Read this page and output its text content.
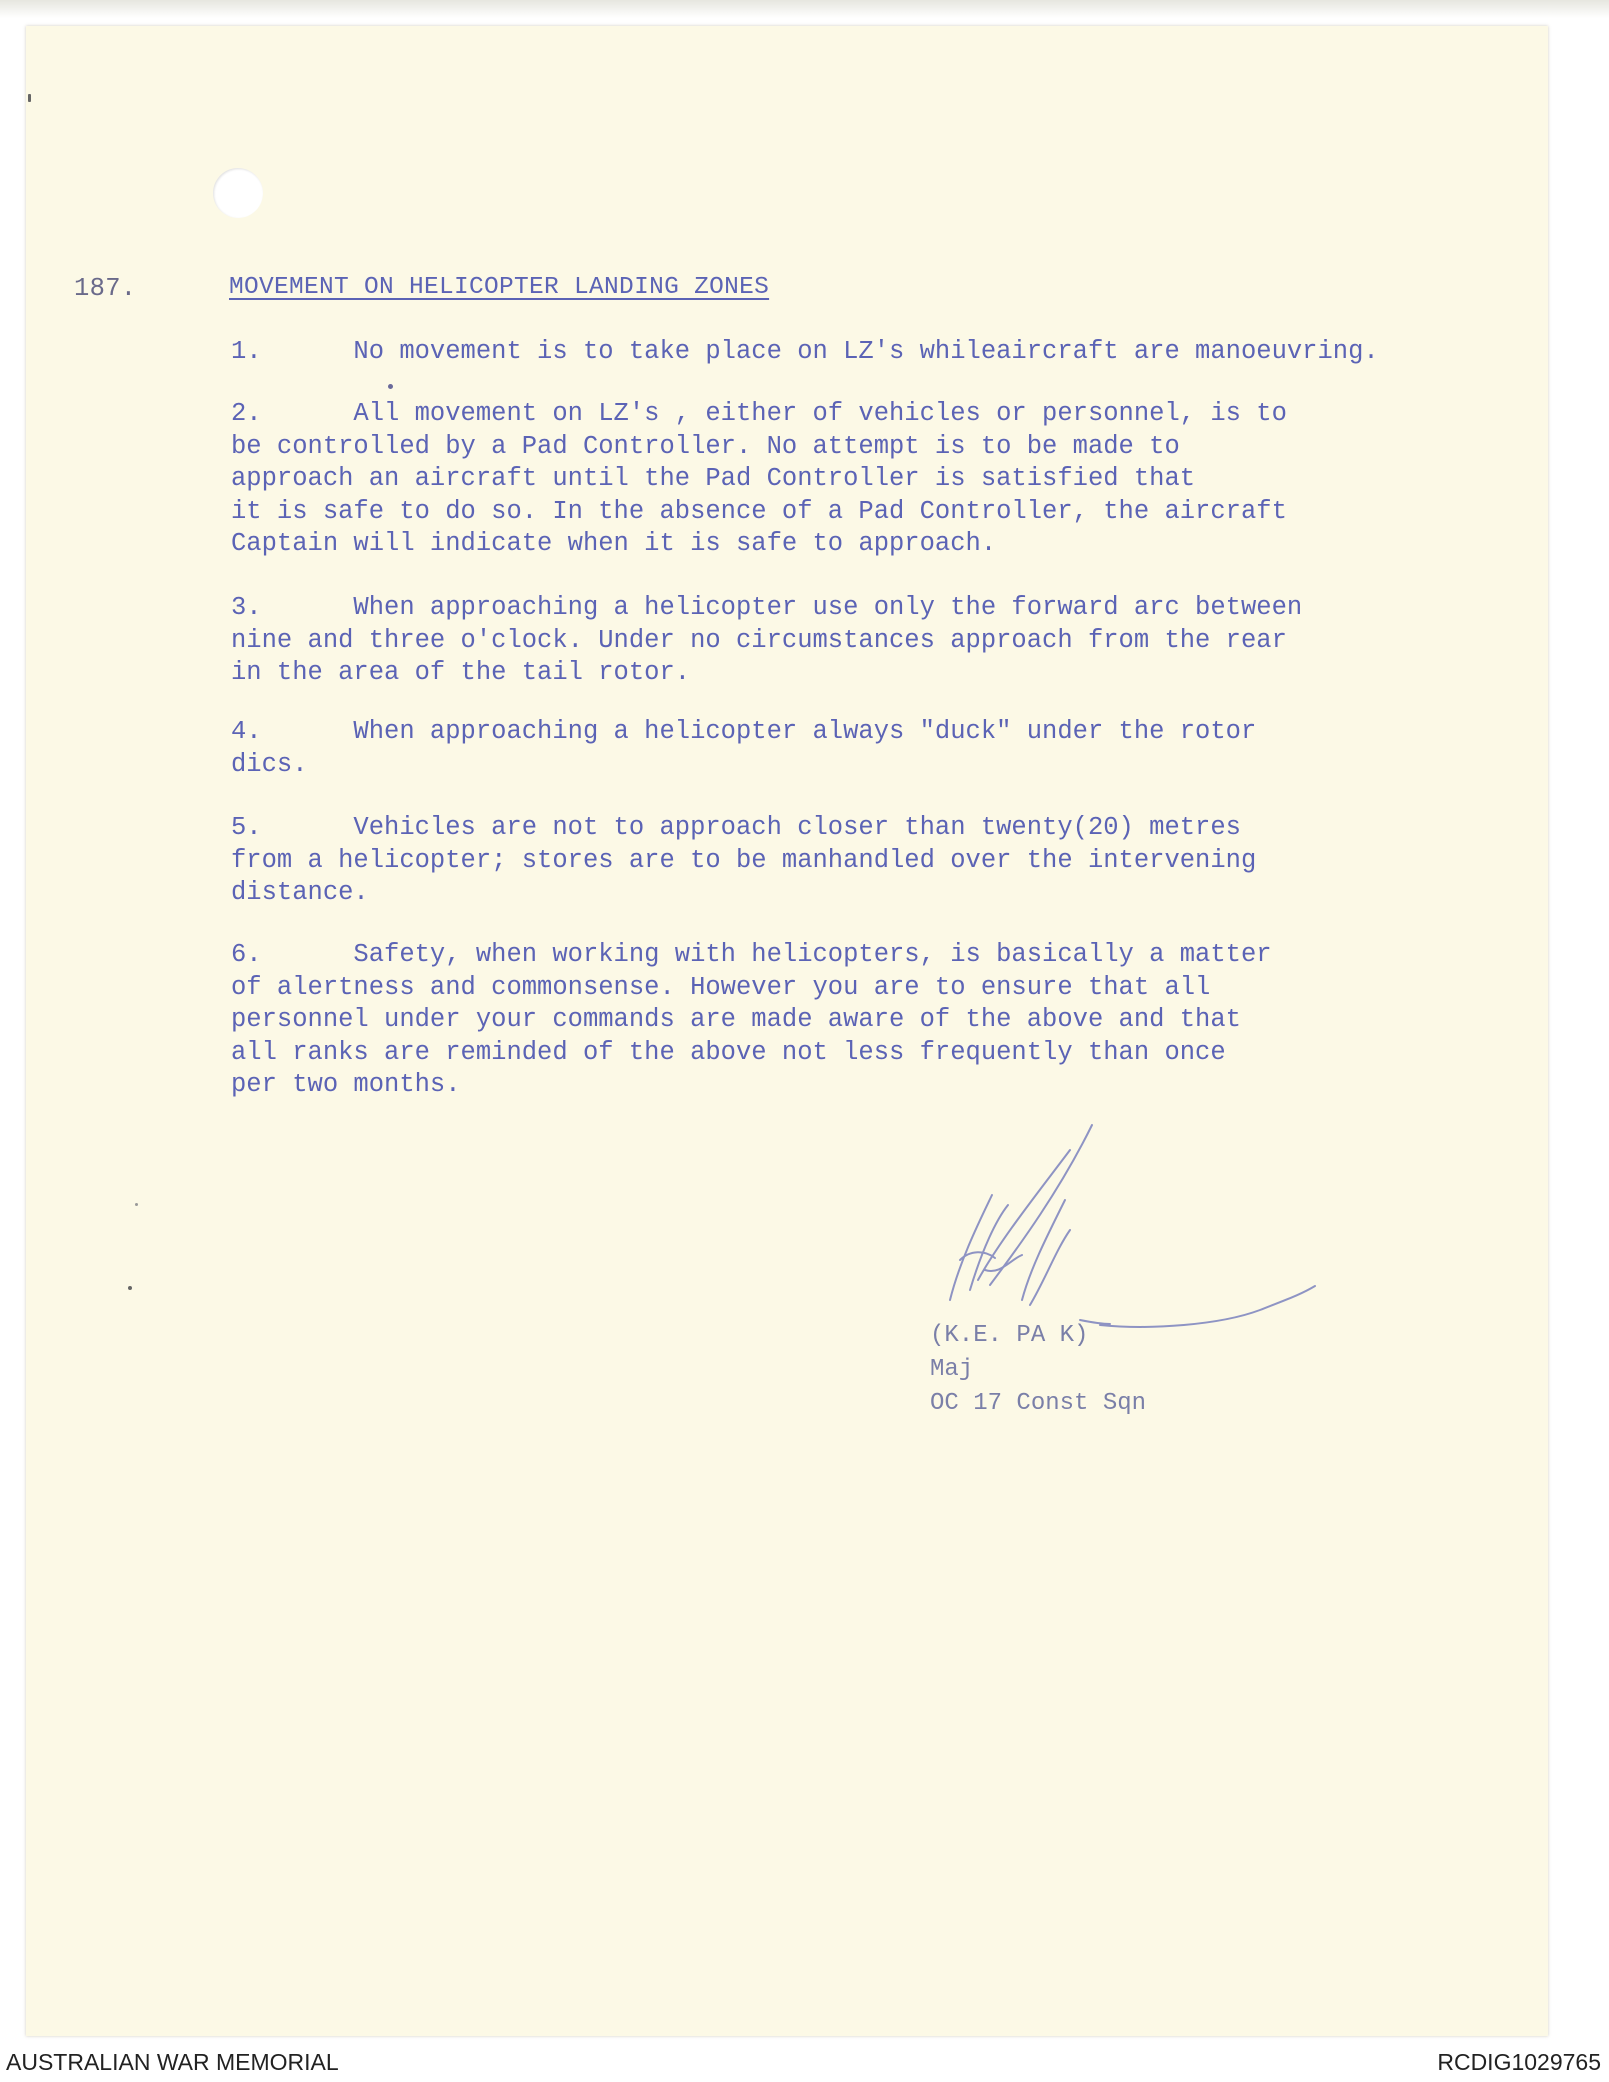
187.	MOVEMENT ON HELICOPTER LANDING ZONES
1.      No movement is to take place on LZ's whileaircraft are manoeuvring.
2.      All movement on LZ's , either of vehicles or personnel, is to
be controlled by a Pad Controller. No attempt is to be made to
approach an aircraft until the Pad Controller is satisfied that
it is safe to do so. In the absence of a Pad Controller, the aircraft
Captain will indicate when it is safe to approach.
3.      When approaching a helicopter use only the forward arc between
nine and three o'clock. Under no circumstances approach from the rear
in the area of the tail rotor.
4.      When approaching a helicopter always "duck" under the rotor
dics.
5.      Vehicles are not to approach closer than twenty(20) metres
from a helicopter; stores are to be manhandled over the intervening
distance.
6.      Safety, when working with helicopters, is basically a matter
of alertness and commonsense. However you are to ensure that all
personnel under your commands are made aware of the above and that
all ranks are reminded of the above not less frequently than once
per two months.
(K.E. PA K)
Maj
OC 17 Const Sqn
AUSTRALIAN WAR MEMORIAL	RCDIG1029765
